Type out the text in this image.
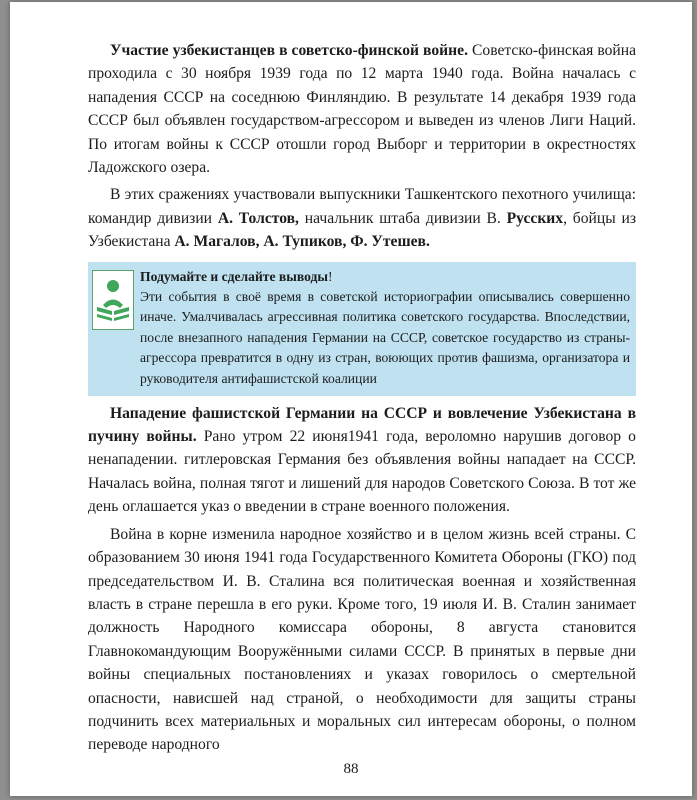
Участие узбекистанцев в советско-финской войне. Советско-финская война проходила с 30 ноября 1939 года по 12 марта 1940 года. Война началась с нападения СССР на соседнюю Финляндию. В результате 14 декабря 1939 года СССР был объявлен государством-агрессором и выведен из членов Лиги Наций. По итогам войны к СССР отошли город Выборг и территории в окрестностях Ладожского озера.

В этих сражениях участвовали выпускники Ташкентского пехотного училища: командир дивизии А. Толстов, начальник штаба дивизии В. Русских, бойцы из Узбекистана А. Магалов, А. Тупиков, Ф. Утешев.

Подумайте и сделайте выводы!
Эти события в своё время в советской историографии описывались совершенно иначе. Умалчивалась агрессивная политика советского государства. Впоследствии, после внезапного нападения Германии на СССР, советское государство из страны-агрессора превратится в одну из стран, воюющих против фашизма, организатора и руководителя антифашистской коалиции

Нападение фашистской Германии на СССР и вовлечение Узбекистана в пучину войны. Рано утром 22 июня1941 года, вероломно нарушив договор о ненападении. гитлеровская Германия без объявления войны нападает на СССР. Началась война, полная тягот и лишений для народов Советского Союза. В тот же день оглашается указ о введении в стране военного положения.

Война в корне изменила народное хозяйство и в целом жизнь всей страны. С образованием 30 июня 1941 года Государственного Комитета Обороны (ГКО) под председательством И. В. Сталина вся политическая военная и хозяйственная власть в стране перешла в его руки. Кроме того, 19 июля И. В. Сталин занимает должность Народного комиссара обороны, 8 августа становится Главнокомандующим Вооружёнными силами СССР. В принятых в первые дни войны специальных постановлениях и указах говорилось о смертельной опасности, нависшей над страной, о необходимости для защиты страны подчинить всех материальных и моральных сил интересам обороны, о полном переводе народного

88
